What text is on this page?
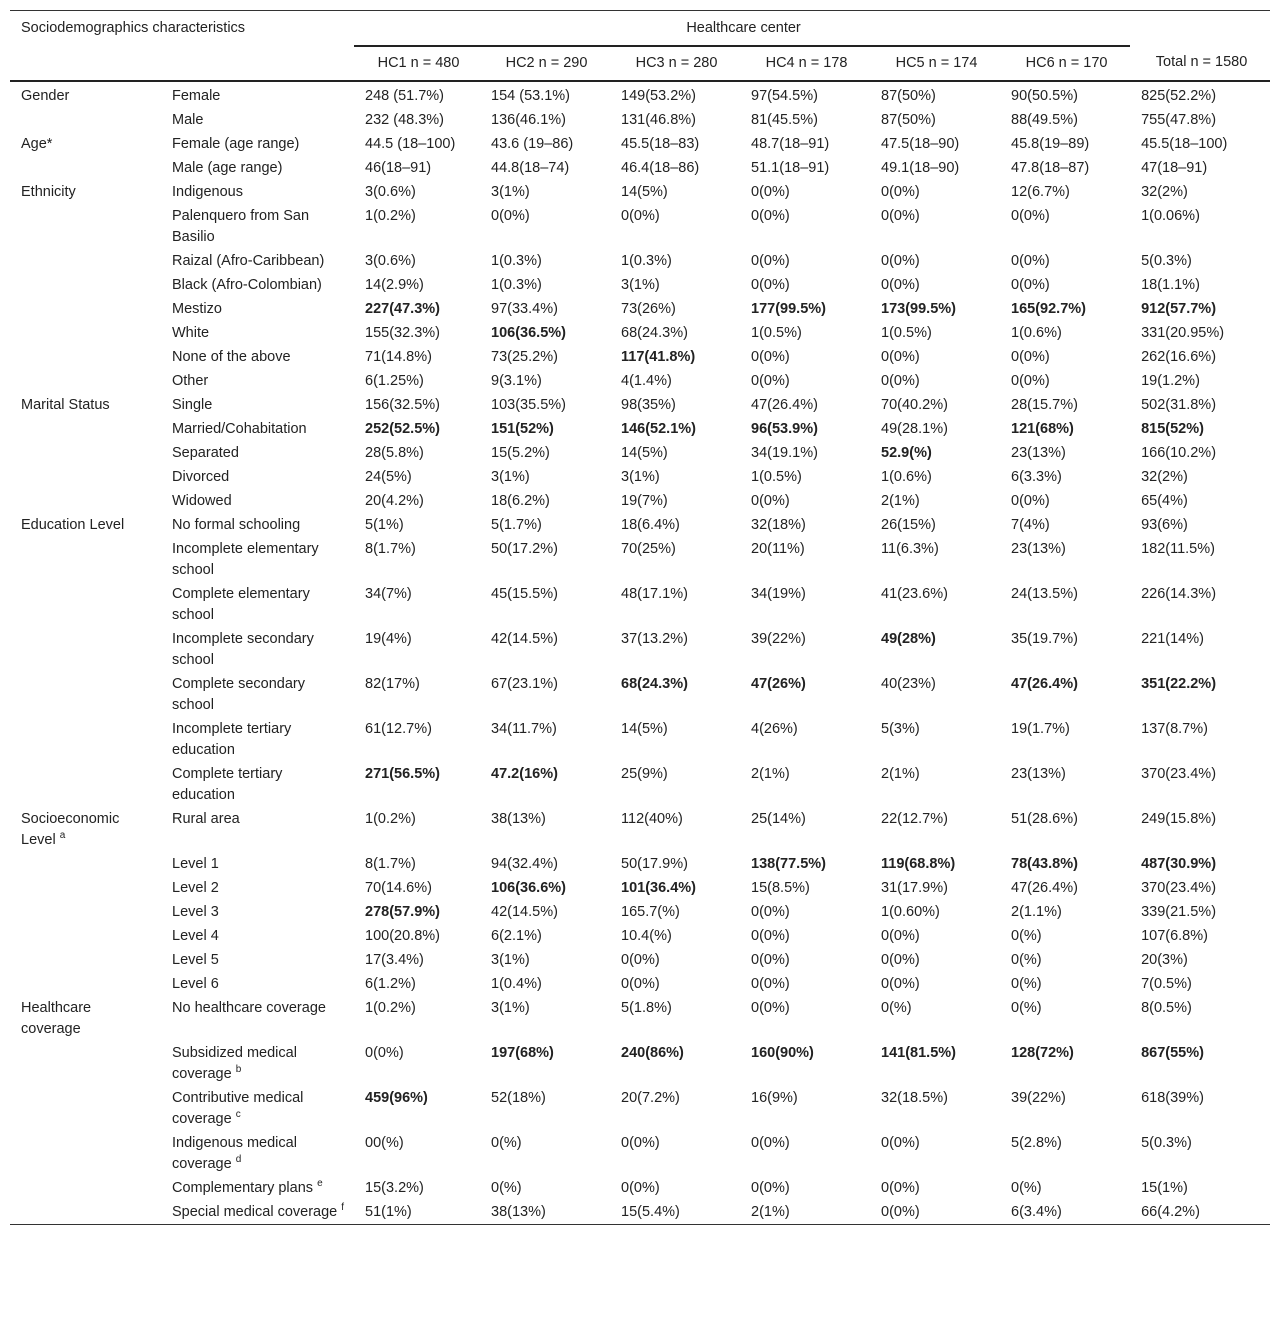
Sociodemographics characteristics		Healthcare center						
		HC1 n = 480	HC2 n = 290	HC3 n = 280	HC4 n = 178	HC5 n = 174	HC6 n = 170	Total n = 1580
Gender	Female	248 (51.7%)	154 (53.1%)	149(53.2%)	97(54.5%)	87(50%)	90(50.5%)	825(52.2%)
	Male	232 (48.3%)	136(46.1%)	131(46.8%)	81(45.5%)	87(50%)	88(49.5%)	755(47.8%)
Age*	Female (age range)	44.5 (18–100)	43.6 (19–86)	45.5(18–83)	48.7(18–91)	47.5(18–90)	45.8(19–89)	45.5(18–100)
	Male (age range)	46(18–91)	44.8(18–74)	46.4(18–86)	51.1(18–91)	49.1(18–90)	47.8(18–87)	47(18–91)
Ethnicity	Indigenous	3(0.6%)	3(1%)	14(5%)	0(0%)	0(0%)	12(6.7%)	32(2%)
	Palenquero from San Basilio	1(0.2%)	0(0%)	0(0%)	0(0%)	0(0%)	0(0%)	1(0.06%)
	Raizal (Afro-Caribbean)	3(0.6%)	1(0.3%)	1(0.3%)	0(0%)	0(0%)	0(0%)	5(0.3%)
	Black (Afro-Colombian)	14(2.9%)	1(0.3%)	3(1%)	0(0%)	0(0%)	0(0%)	18(1.1%)
	Mestizo	227(47.3%)	97(33.4%)	73(26%)	177(99.5%)	173(99.5%)	165(92.7%)	912(57.7%)
	White	155(32.3%)	106(36.5%)	68(24.3%)	1(0.5%)	1(0.5%)	1(0.6%)	331(20.95%)
	None of the above	71(14.8%)	73(25.2%)	117(41.8%)	0(0%)	0(0%)	0(0%)	262(16.6%)
	Other	6(1.25%)	9(3.1%)	4(1.4%)	0(0%)	0(0%)	0(0%)	19(1.2%)
Marital Status	Single	156(32.5%)	103(35.5%)	98(35%)	47(26.4%)	70(40.2%)	28(15.7%)	502(31.8%)
	Married/Cohabitation	252(52.5%)	151(52%)	146(52.1%)	96(53.9%)	49(28.1%)	121(68%)	815(52%)
	Separated	28(5.8%)	15(5.2%)	14(5%)	34(19.1%)	52.9(%)	23(13%)	166(10.2%)
	Divorced	24(5%)	3(1%)	3(1%)	1(0.5%)	1(0.6%)	6(3.3%)	32(2%)
	Widowed	20(4.2%)	18(6.2%)	19(7%)	0(0%)	2(1%)	0(0%)	65(4%)
Education Level	No formal schooling	5(1%)	5(1.7%)	18(6.4%)	32(18%)	26(15%)	7(4%)	93(6%)
	Incomplete elementary school	8(1.7%)	50(17.2%)	70(25%)	20(11%)	11(6.3%)	23(13%)	182(11.5%)
	Complete elementary school	34(7%)	45(15.5%)	48(17.1%)	34(19%)	41(23.6%)	24(13.5%)	226(14.3%)
	Incomplete secondary school	19(4%)	42(14.5%)	37(13.2%)	39(22%)	49(28%)	35(19.7%)	221(14%)
	Complete secondary school	82(17%)	67(23.1%)	68(24.3%)	47(26%)	40(23%)	47(26.4%)	351(22.2%)
	Incomplete tertiary education	61(12.7%)	34(11.7%)	14(5%)	4(26%)	5(3%)	19(1.7%)	137(8.7%)
	Complete tertiary education	271(56.5%)	47.2(16%)	25(9%)	2(1%)	2(1%)	23(13%)	370(23.4%)
Socioeconomic Level $^a$	Rural area	1(0.2%)	38(13%)	112(40%)	25(14%)	22(12.7%)	51(28.6%)	249(15.8%)
	Level 1	8(1.7%)	94(32.4%)	50(17.9%)	138(77.5%)	119(68.8%)	78(43.8%)	487(30.9%)
	Level 2	70(14.6%)	106(36.6%)	101(36.4%)	15(8.5%)	31(17.9%)	47(26.4%)	370(23.4%)
	Level 3	278(57.9%)	42(14.5%)	165.7(%)	0(0%)	1(0.60%)	2(1.1%)	339(21.5%)
	Level 4	100(20.8%)	6(2.1%)	10.4(%)	0(0%)	0(0%)	0(%)	107(6.8%)
	Level 5	17(3.4%)	3(1%)	0(0%)	0(0%)	0(0%)	0(%)	20(3%)
	Level 6	6(1.2%)	1(0.4%)	0(0%)	0(0%)	0(0%)	0(%)	7(0.5%)
Healthcare coverage	No healthcare coverage	1(0.2%)	3(1%)	5(1.8%)	0(0%)	0(%)	0(%)	8(0.5%)
	Subsidized medical coverage $^b$	0(0%)	197(68%)	240(86%)	160(90%)	141(81.5%)	128(72%)	867(55%)
	Contributive medical coverage $^c$	459(96%)	52(18%)	20(7.2%)	16(9%)	32(18.5%)	39(22%)	618(39%)
	Indigenous medical coverage $^d$	00(%)	0(%)	0(0%)	0(0%)	0(0%)	5(2.8%)	5(0.3%)
	Complementary plans $^e$	15(3.2%)	0(%)	0(0%)	0(0%)	0(0%)	0(%)	15(1%)
	Special medical coverage $^f$	51(1%)	38(13%)	15(5.4%)	2(1%)	0(0%)	6(3.4%)	66(4.2%)
